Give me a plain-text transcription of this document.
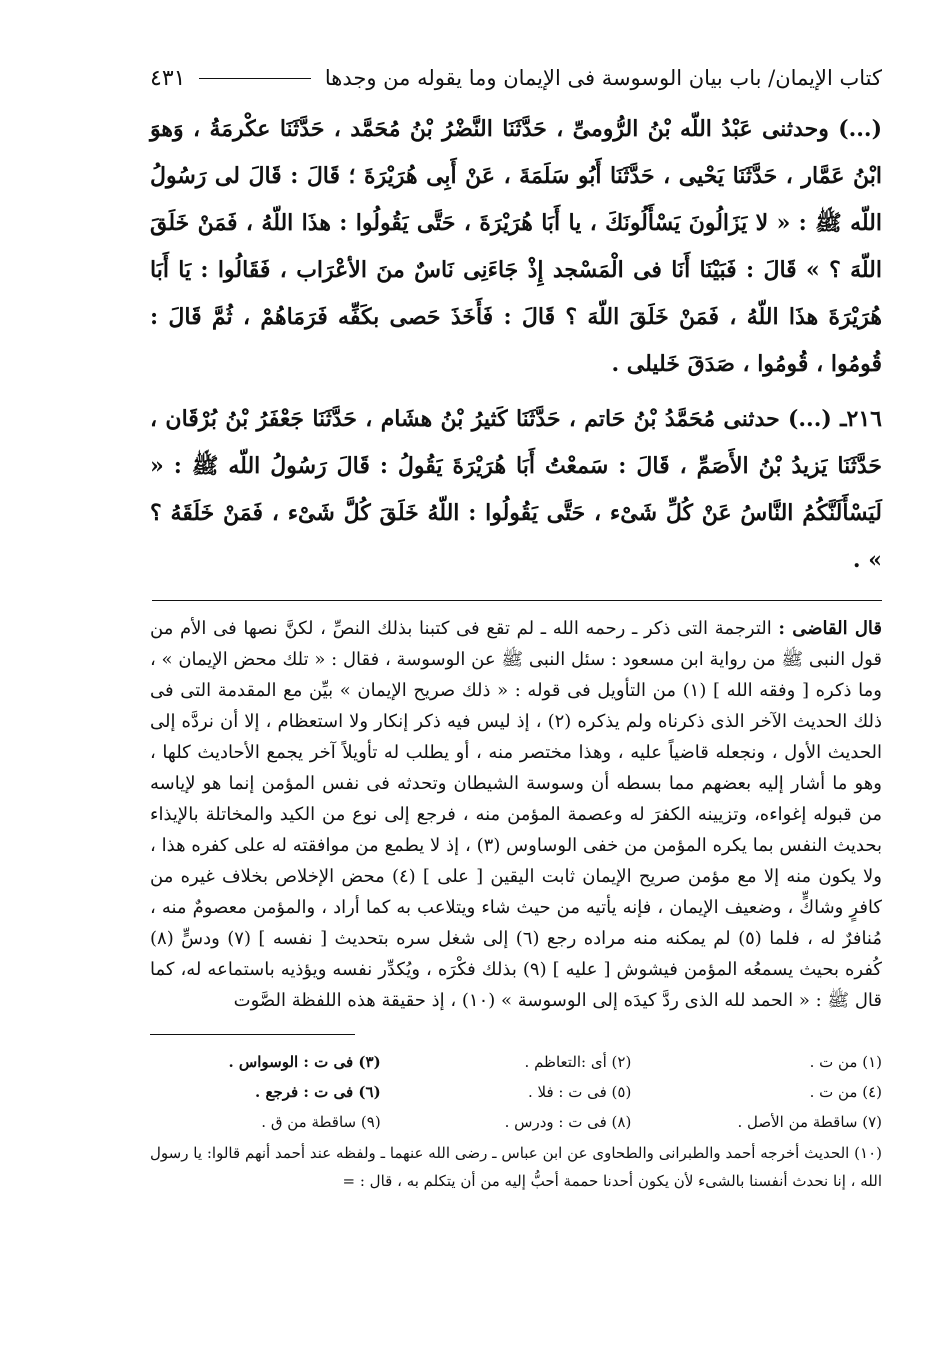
كتاب الإيمان/ باب بيان الوسوسة فى الإيمان وما يقوله من وجدها
٤٣١

(...) وحدثنى عَبْدُ اللّه بْنُ الرُّومىِّ ، حَدَّثَنَا النَّضْرُ بْنُ مُحَمَّد ، حَدَّثَنَا عكْرمَةُ ، وَهوَ ابْنُ عَمَّار ، حَدَّثَنَا يَحْيى ، حَدَّثَنَا أَبُو سَلَمَةَ ، عَنْ أَبِى هُرَيْرَةَ ؛ قَالَ : قَالَ لى رَسُولُ اللّه ﷺ : « لا يَزَالُونَ يَسْأَلُونَكَ ، يا أَبَا هُرَيْرَةَ ، حَتَّى يَقُولُوا : هذَا اللّهُ ، فَمَنْ خَلَقَ اللّهَ ؟ » قَالَ : فَبَيْنَا أَنَا فى الْمَسْجد إِذْ جَاءَنِى نَاسٌ منَ الأعْرَاب ، فَقَالُوا : يَا أَبَا هُرَيْرَةَ هذَا اللّهُ ، فَمَنْ خَلَقَ اللّهَ ؟ قَالَ : فَأَخَذَ حَصى بكَفِّه فَرَمَاهُمْ ، ثُمَّ قَالَ : قُومُوا ، قُومُوا ، صَدَقَ خَليلى .

٢١٦ـ (...) حدثنى مُحَمَّدُ بْنُ حَاتم ، حَدَّثَنَا كَثيرُ بْنُ هشَام ، حَدَّثَنَا جَعْفَرُ بْنُ بُرْقَان ، حَدَّثَنَا يَزيدُ بْنُ الأَصَمِّ ، قَالَ : سَمعْتُ أَبَا هُرَيْرَةَ يَقُولُ : قَالَ رَسُولُ اللّه ﷺ : « لَيَسْأَلَنَّكُمُ النَّاسُ عَنْ كُلِّ شَىْء ، حَتَّى يَقُولُوا : اللّهُ خَلَقَ كُلَّ شَىْء ، فَمَنْ خَلَقَهُ ؟ » .

قال القاضى : الترجمة التى ذكر ـ رحمه الله ـ لم تقع فى كتبنا بذلك النصِّ ، لكنَّ نصها فى الأم من قول النبى ﷺ من رواية ابن مسعود : سئل النبى ﷺ عن الوسوسة ، فقال : « تلك محض الإيمان » ، وما ذكره [ وفقه الله ] (١) من التأويل فى قوله : « ذلك صريح الإيمان » بيِّن مع المقدمة التى فى ذلك الحديث الآخر الذى ذكرناه ولم يذكره (٢) ، إذ ليس فيه ذكر إنكار ولا استعظام ، إلا أن نردَّه إلى الحديث الأول ، ونجعله قاضياً عليه ، وهذا مختصر منه ، أو يطلب له تأويلاً آخر يجمع الأحاديث كلها ، وهو ما أشار إليه بعضهم مما بسطه أن وسوسة الشيطان وتحدثه فى نفس المؤمن إنما هو لإياسه من قبوله إغواءه، وتزيينه الكفرَ له وعصمة المؤمن منه ، فرجع إلى نوع من الكيد والمخاتلة بالإيذاء بحديث النفس بما يكره المؤمن من خفى الوساوس (٣) ، إذ لا يطمع من موافقته له على كفره هذا ، ولا يكون منه إلا مع مؤمن صريح الإيمان ثابت اليقين [ على ] (٤) محض الإخلاص بخلاف غيره من كافرٍ وشاكٍّ ، وضعيف الإيمان ، فإنه يأتيه من حيث شاء ويتلاعب به كما أراد ، والمؤمن معصومٌ منه ، مُنافرٌ له ، فلما (٥) لم يمكنه منه مراده رجع (٦) إلى شغل سره بتحديث [ نفسه ] (٧) ودسٍّ (٨) كُفره بحيث يسمعُه المؤمن فيشوش [ عليه ] (٩) بذلك فكْرَه ، ويُكدِّر نفسه ويؤذيه باستماعه له، كما قال ﷺ : « الحمد لله الذى ردَّ كيدَه إلى الوسوسة » (١٠) ، إذ حقيقة هذه اللفظة الصَّوت

(١) من ت .
(٢) أى :التعاظم .
(٣) فى ت : الوسواس .
(٤) من ت .
(٥) فى ت : فلا .
(٦) فى ت : فرجع .
(٧) ساقطة من الأصل .
(٨) فى ت : ودرس .
(٩) ساقطة من ق .

(١٠) الحديث أخرجه أحمد والطبرانى والطحاوى عن ابن عباس ـ رضى الله عنهما ـ ولفظه عند أحمد أنهم قالوا: يا رسول الله ، إنا نحدث أنفسنا بالشىء لأن يكون أحدنا حممة أحبُّ إليه من أن يتكلم به ، قال : =
